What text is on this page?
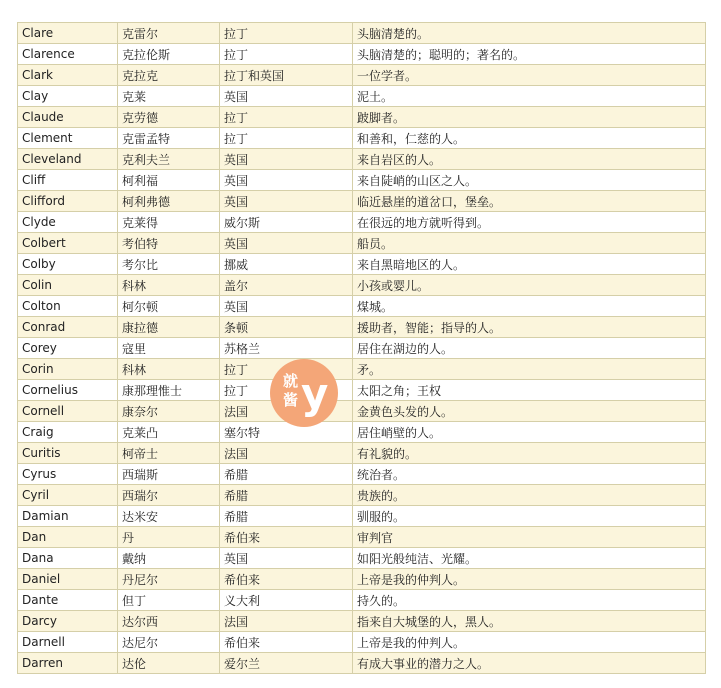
Clare	克雷尔	拉丁	头脑清楚的。
Clarence	克拉伦斯	拉丁	头脑清楚的；聪明的；著名的。
Clark	克拉克	拉丁和英国	一位学者。
Clay	克莱	英国	泥土。
Claude	克劳德	拉丁	跛脚者。
Clement	克雷孟特	拉丁	和善和，仁慈的人。
Cleveland	克利夫兰	英国	来自岩区的人。
Cliff	柯利福	英国	来自陡峭的山区之人。
Clifford	柯利弗德	英国	临近悬崖的道岔口，堡垒。
Clyde	克莱得	威尔斯	在很远的地方就听得到。
Colbert	考伯特	英国	船员。
Colby	考尔比	挪威	来自黑暗地区的人。
Colin	科林	盖尔	小孩或婴儿。
Colton	柯尔顿	英国	煤城。
Conrad	康拉德	条顿	援助者，智能；指导的人。
Corey	寇里	苏格兰	居住在湖边的人。
Corin	科林	拉丁	矛。
Cornelius	康那理惟士	拉丁	太阳之角；王权
Cornell	康奈尔	法国	金黄色头发的人。
Craig	克莱凸	塞尔特	居住峭壁的人。
Curitis	柯帝士	法国	有礼貌的。
Cyrus	西瑞斯	希腊	统治者。
Cyril	西瑞尔	希腊	贵族的。
Damian	达米安	希腊	驯服的。
Dan	丹	希伯来	审判官
Dana	戴纳	英国	如阳光般纯洁、光耀。
Daniel	丹尼尔	希伯来	上帝是我的仲判人。
Dante	但丁	义大利	持久的。
Darcy	达尔西	法国	指来自大城堡的人，黑人。
Darnell	达尼尔	希伯来	上帝是我的仲判人。
Darren	达伦	爱尔兰	有成大事业的潜力之人。
就
酱 y
